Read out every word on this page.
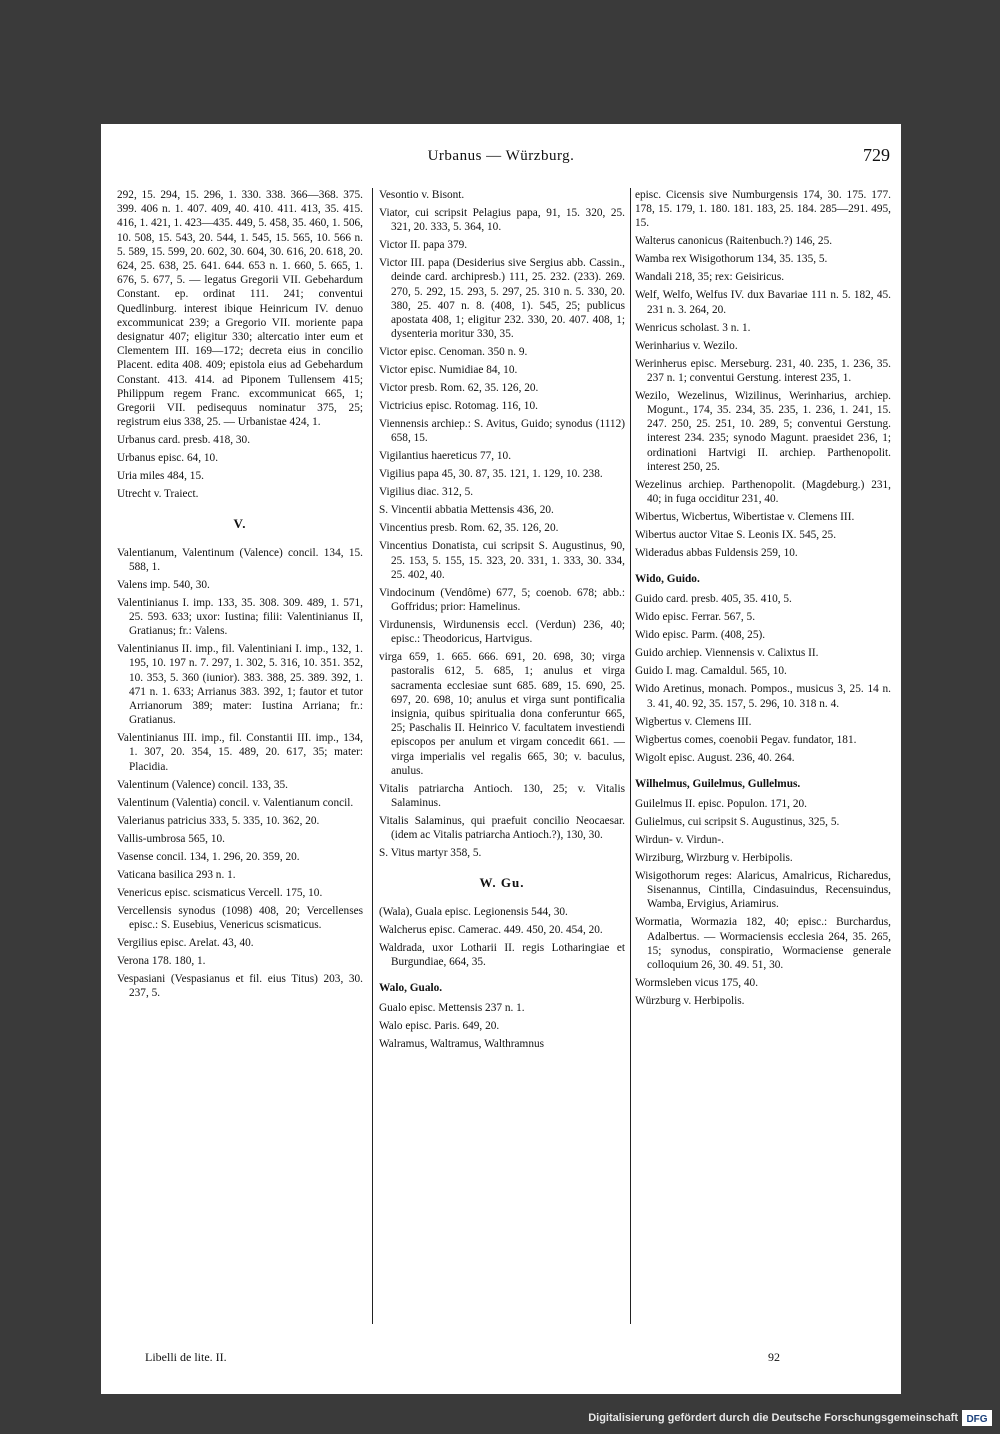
Urbanus — Würzburg.	729
292, 15. 294, 15. 296, 1. 330. 338. 366—368. 375. 399. 406 n. 1. 407. 409, 40. 410. 411. 413, 35. 415. 416, 1. 421, 1. 423—435. 449, 5. 458, 35. 460, 1. 506, 10. 508, 15. 543, 20. 544, 1. 545, 15. 565, 10. 566 n. 5. 589, 15. 599, 20. 602, 30. 604, 30. 616, 20. 618, 20. 624, 25. 638, 25. 641. 644. 653 n. 1. 660, 5. 665, 1. 676, 5. 677, 5. — legatus Gregorii VII. Gebehardum Constant. ep. ordinat 111. 241; conventui Quedlinburg. interest ibique Heinricum IV. denuo excommunicat 239; a Gregorio VII. moriente papa designatur 407; eligitur 330; altercatio inter eum et Clementem III. 169—172; decreta eius in concilio Placent. edita 408. 409; epistola eius ad Gebehardum Constant. 413. 414. ad Piponem Tullensem 415; Philippum regem Franc. excommunicat 665, 1; Gregorii VII. pedisequus nominatur 375, 25; registrum eius 338, 25. — Urbanistae 424, 1.
Urbanus card. presb. 418, 30.
Urbanus episc. 64, 10.
Uria miles 484, 15.
Utrecht v. Traiect.
V.
Valentianum, Valentinum (Valence) concil. 134, 15. 588, 1.
Valens imp. 540, 30.
Valentinianus I. imp. 133, 35. 308. 309. 489, 1. 571, 25. 593. 633; uxor: Iustina; filii: Valentinianus II, Gratianus; fr.: Valens.
Valentinianus II. imp., fil. Valentiniani I. imp., 132, 1. 195, 10. 197 n. 7. 297, 1. 302, 5. 316, 10. 351. 352, 10. 353, 5. 360 (iunior). 383. 388, 25. 389. 392, 1. 471 n. 1. 633; Arrianus 383. 392, 1; fautor et tutor Arrianorum 389; mater: Iustina Arriana; fr.: Gratianus.
Valentinianus III. imp., fil. Constantii III. imp., 134, 1. 307, 20. 354, 15. 489, 20. 617, 35; mater: Placidia.
Valentinum (Valence) concil. 133, 35.
Valentinum (Valentia) concil. v. Valentianum concil.
Valerianus patricius 333, 5. 335, 10. 362, 20.
Vallis-umbrosa 565, 10.
Vasense concil. 134, 1. 296, 20. 359, 20.
Vaticana basilica 293 n. 1.
Venericus episc. scismaticus Vercell. 175, 10.
Vercellensis synodus (1098) 408, 20; Vercellenses episc.: S. Eusebius, Venericus scismaticus.
Vergilius episc. Arelat. 43, 40.
Verona 178. 180, 1.
Vespasiani (Vespasianus et fil. eius Titus) 203, 30. 237, 5.
Vesontio v. Bisont.
Viator, cui scripsit Pelagius papa, 91, 15. 320, 25. 321, 20. 333, 5. 364, 10.
Victor II. papa 379.
Victor III. papa (Desiderius sive Sergius abb. Cassin., deinde card. archipresb.) 111, 25. 232. (233). 269. 270, 5. 292, 15. 293, 5. 297, 25. 310 n. 5. 330, 20. 380, 25. 407 n. 8. (408, 1). 545, 25; publicus apostata 408, 1; eligitur 232. 330, 20. 407. 408, 1; dysenteria moritur 330, 35.
Victor episc. Cenoman. 350 n. 9.
Victor episc. Numidiae 84, 10.
Victor presb. Rom. 62, 35. 126, 20.
Victricius episc. Rotomag. 116, 10.
Viennensis archiep.: S. Avitus, Guido; synodus (1112) 658, 15.
Vigilantius haereticus 77, 10.
Vigilius papa 45, 30. 87, 35. 121, 1. 129, 10. 238.
Vigilius diac. 312, 5.
S. Vincentii abbatia Mettensis 436, 20.
Vincentius presb. Rom. 62, 35. 126, 20.
Vincentius Donatista, cui scripsit S. Augustinus, 90, 25. 153, 5. 155, 15. 323, 20. 331, 1. 333, 30. 334, 25. 402, 40.
Vindocinum (Vendôme) 677, 5; coenob. 678; abb.: Goffridus; prior: Hamelinus.
Virdunensis, Wirdunensis eccl. (Verdun) 236, 40; episc.: Theodoricus, Hartvigus.
virga 659, 1. 665. 666. 691, 20. 698, 30; virga pastoralis 612, 5. 685, 1; anulus et virga sacramenta ecclesiae sunt 685. 689, 15. 690, 25. 697, 20. 698, 10; anulus et virga sunt pontificalia insignia, quibus spiritualia dona conferuntur 665, 25; Paschalis II. Heinrico V. facultatem investiendi episcopos per anulum et virgam concedit 661. — virga imperialis vel regalis 665, 30; v. baculus, anulus.
Vitalis patriarcha Antioch. 130, 25; v. Vitalis Salaminus.
Vitalis Salaminus, qui praefuit concilio Neocaesar. (idem ac Vitalis patriarcha Antioch.?), 130, 30.
S. Vitus martyr 358, 5.
W. Gu.
(Wala), Guala episc. Legionensis 544, 30.
Walcherus episc. Camerac. 449. 450, 20. 454, 20.
Waldrada, uxor Lotharii II. regis Lotharingiae et Burgundiae, 664, 35.
Walo, Gualo.
Gualo episc. Mettensis 237 n. 1.
Walo episc. Paris. 649, 20.
Walramus, Waltramus, Walthramnus
episc. Cicensis sive Numburgensis 174, 30. 175. 177. 178, 15. 179, 1. 180. 181. 183, 25. 184. 285—291. 495, 15.
Walterus canonicus (Raitenbuch.?) 146, 25.
Wamba rex Wisigothorum 134, 35. 135, 5.
Wandali 218, 35; rex: Geisiricus.
Welf, Welfo, Welfus IV. dux Bavariae 111 n. 5. 182, 45. 231 n. 3. 264, 20.
Wenricus scholast. 3 n. 1.
Werinharius v. Wezilo.
Werinherus episc. Merseburg. 231, 40. 235, 1. 236, 35. 237 n. 1; conventui Gerstung. interest 235, 1.
Wezilo, Wezelinus, Wizilinus, Werinharius, archiep. Mogunt., 174, 35. 234, 35. 235, 1. 236, 1. 241, 15. 247. 250, 25. 251, 10. 289, 5; conventui Gerstung. interest 234. 235; synodo Magunt. praesidet 236, 1; ordinationi Hartvigi II. archiep. Parthenopolit. interest 250, 25.
Wezelinus archiep. Parthenopolit. (Magdeburg.) 231, 40; in fuga occiditur 231, 40.
Wibertus, Wicbertus, Wibertistae v. Clemens III.
Wibertus auctor Vitae S. Leonis IX. 545, 25.
Wideradus abbas Fuldensis 259, 10.
Wido, Guido.
Guido card. presb. 405, 35. 410, 5.
Wido episc. Ferrar. 567, 5.
Wido episc. Parm. (408, 25).
Guido archiep. Viennensis v. Calixtus II.
Guido I. mag. Camaldul. 565, 10.
Wido Aretinus, monach. Pompos., musicus 3, 25. 14 n. 3. 41, 40. 92, 35. 157, 5. 296, 10. 318 n. 4.
Wigbertus v. Clemens III.
Wigbertus comes, coenobii Pegav. fundator, 181.
Wigolt episc. August. 236, 40. 264.
Wilhelmus, Guilelmus, Gullelmus.
Guilelmus II. episc. Populon. 171, 20.
Gulielmus, cui scripsit S. Augustinus, 325, 5.
Wirdun- v. Virdun-.
Wirziburg, Wirzburg v. Herbipolis.
Wisigothorum reges: Alaricus, Amalricus, Richaredus, Sisenannus, Cintilla, Cindasuindus, Recensuindus, Wamba, Ervigius, Ariamirus.
Wormatia, Wormazia 182, 40; episc.: Burchardus, Adalbertus. — Wormaciensis ecclesia 264, 35. 265, 15; synodus, conspiratio, Wormaciense generale colloquium 26, 30. 49. 51, 30.
Wormsleben vicus 175, 40.
Würzburg v. Herbipolis.
Libelli de lite. II.	92
Digitalisierung gefördert durch die Deutsche Forschungsgemeinschaft DFG
